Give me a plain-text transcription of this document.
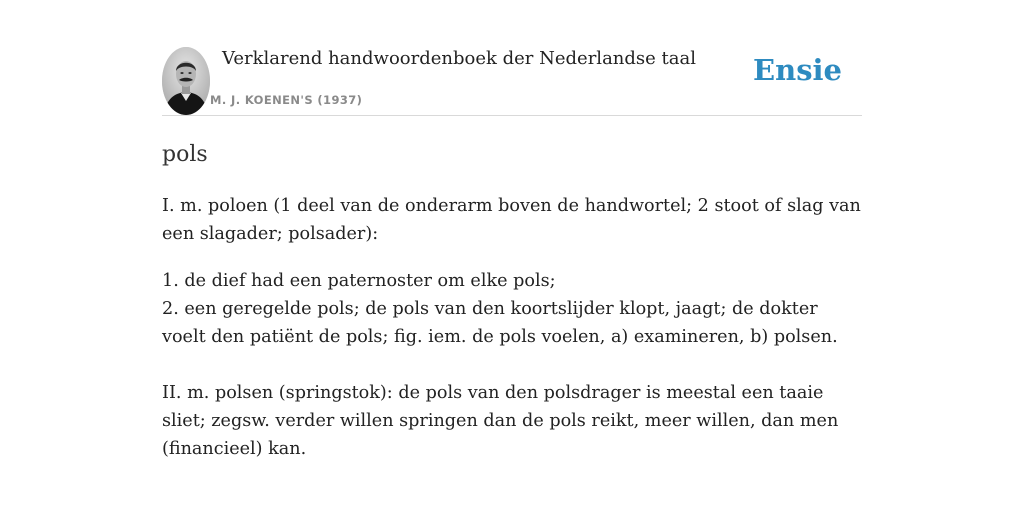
Verklarend handwoordenboek der Nederlandse taal
M. J. KOENEN'S (1937)
Ensie
pols
I. m. poloen (1 deel van de onderarm boven de handwortel; 2 stoot of slag van een slagader; polsader):
1. de dief had een paternoster om elke pols;
2. een geregelde pols; de pols van den koortslijder klopt, jaagt; de dokter voelt den patiënt de pols; fig. iem. de pols voelen, a) examineren, b) polsen.
II. m. polsen (springstok): de pols van den polsdrager is meestal een taaie sliet; zegsw. verder willen springen dan de pols reikt, meer willen, dan men (financieel) kan.
